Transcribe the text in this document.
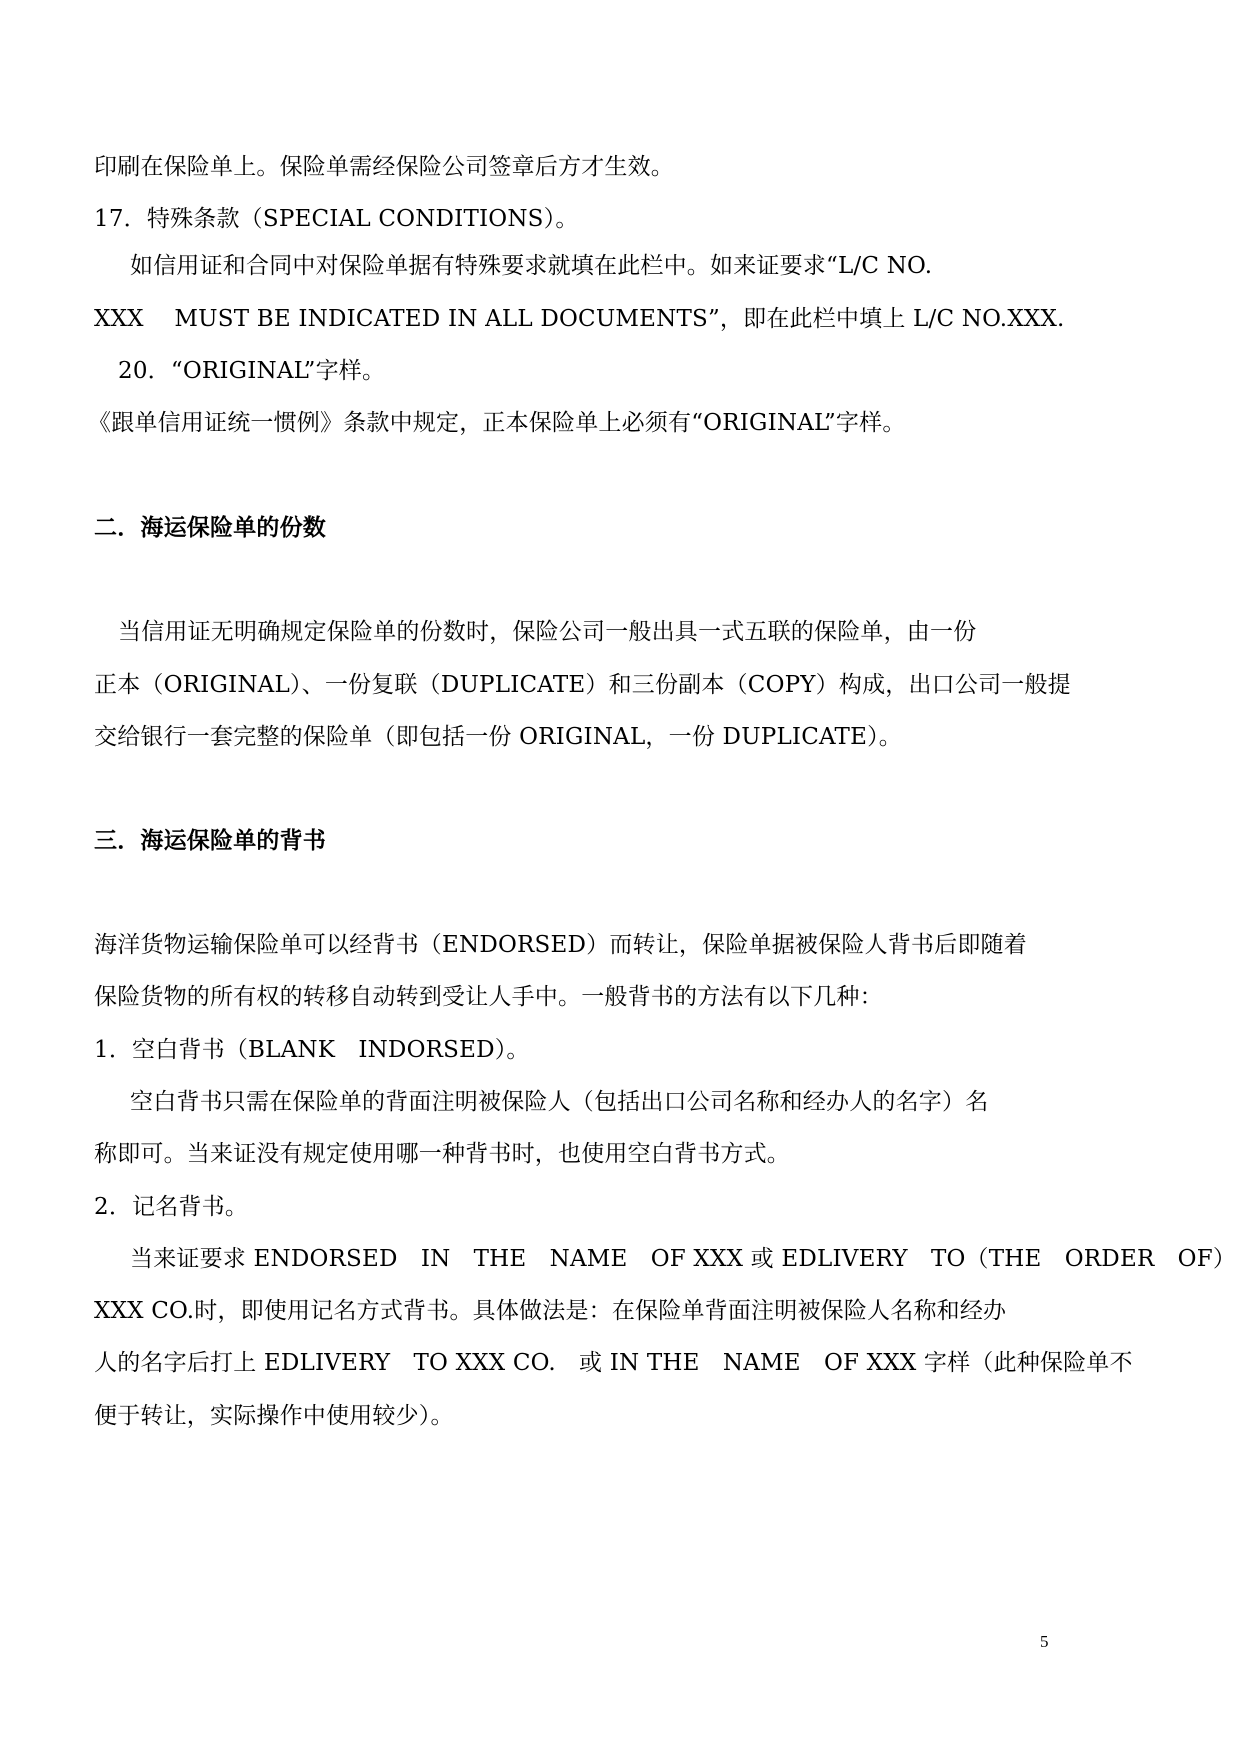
印刷在保险单上。保险单需经保险公司签章后方才生效。
17．特殊条款（SPECIAL CONDITIONS）。
如信用证和合同中对保险单据有特殊要求就填在此栏中。如来证要求“L/C NO.
XXX　 MUST BE INDICATED IN ALL DOCUMENTS”，即在此栏中填上 L/C NO.XXX.
20．“ORIGINAL”字样。
《跟单信用证统一惯例》条款中规定，正本保险单上必须有“ORIGINAL”字样。
二．海运保险单的份数
当信用证无明确规定保险单的份数时，保险公司一般出具一式五联的保险单，由一份
正本（ORIGINAL）、一份复联（DUPLICATE）和三份副本（COPY）构成，出口公司一般提
交给银行一套完整的保险单（即包括一份 ORIGINAL，一份 DUPLICATE）。
三．海运保险单的背书
海洋货物运输保险单可以经背书（ENDORSED）而转让，保险单据被保险人背书后即随着
保险货物的所有权的转移自动转到受让人手中。一般背书的方法有以下几种：
1．空白背书（BLANK　INDORSED）。
空白背书只需在保险单的背面注明被保险人（包括出口公司名称和经办人的名字）名
称即可。当来证没有规定使用哪一种背书时，也使用空白背书方式。
2．记名背书。
当来证要求 ENDORSED　IN　THE　NAME　OF XXX 或 EDLIVERY　TO（THE　ORDER　OF）
XXX CO.时，即使用记名方式背书。具体做法是：在保险单背面注明被保险人名称和经办
人的名字后打上 EDLIVERY　TO XXX CO.　或 IN THE　NAME　OF XXX 字样（此种保险单不
便于转让，实际操作中使用较少）。
5
